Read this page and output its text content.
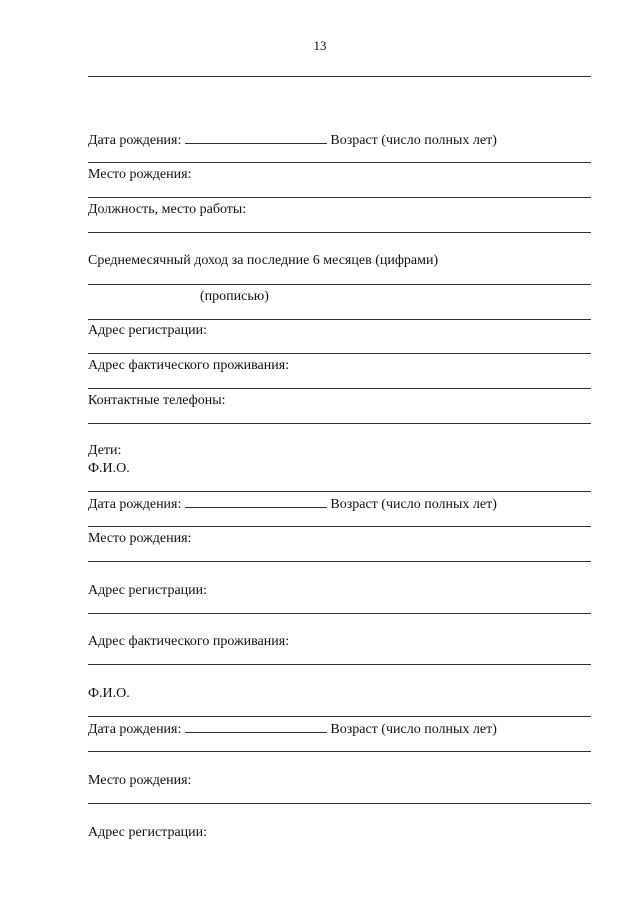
13
Дата рождения:	Возраст (число полных лет)
Место рождения:
Должность, место работы:
Среднемесячный доход за последние 6 месяцев (цифрами)
(прописью)
Адрес регистрации:
Адрес фактического проживания:
Контактные телефоны:
Дети:
Ф.И.О.
Дата рождения:	Возраст (число полных лет)
Место рождения:
Адрес регистрации:
Адрес фактического проживания:
Ф.И.О.
Дата рождения:	Возраст (число полных лет)
Место рождения:
Адрес регистрации:
